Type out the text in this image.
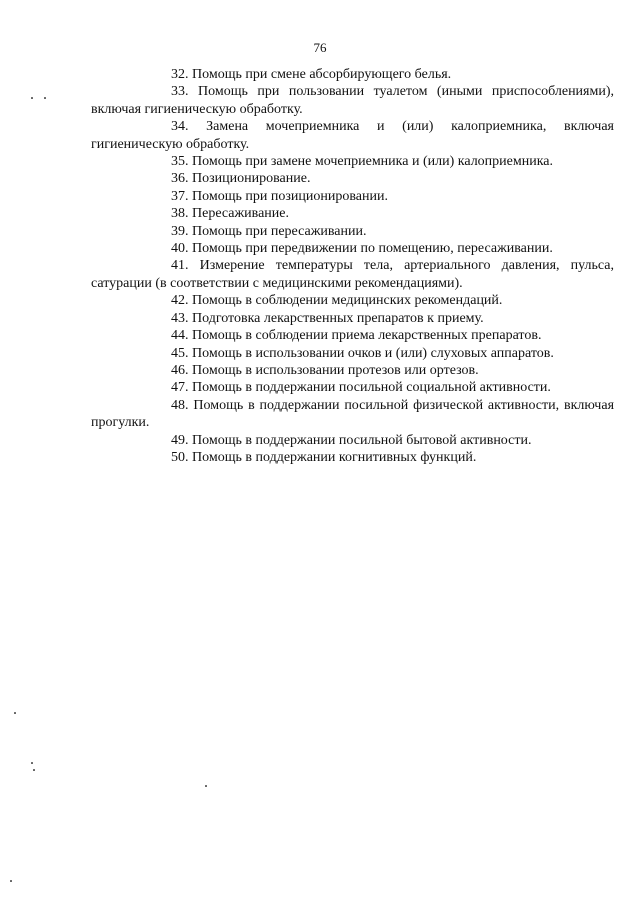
76

32. Помощь при смене абсорбирующего белья.

33. Помощь при пользовании туалетом (иными приспособлениями), включая гигиеническую обработку.

34. Замена мочеприемника и (или) калоприемника, включая гигиеническую обработку.

35. Помощь при замене мочеприемника и (или) калоприемника.

36. Позиционирование.

37. Помощь при позиционировании.

38. Пересаживание.

39. Помощь при пересаживании.

40. Помощь при передвижении по помещению, пересаживании.

41. Измерение температуры тела, артериального давления, пульса, сатурации (в соответствии с медицинскими рекомендациями).

42. Помощь в соблюдении медицинских рекомендаций.

43. Подготовка лекарственных препаратов к приему.

44. Помощь в соблюдении приема лекарственных препаратов.

45. Помощь в использовании очков и (или) слуховых аппаратов.

46. Помощь в использовании протезов или ортезов.

47. Помощь в поддержании посильной социальной активности.

48. Помощь в поддержании посильной физической активности, включая прогулки.

49. Помощь в поддержании посильной бытовой активности.

50. Помощь в поддержании когнитивных функций.
